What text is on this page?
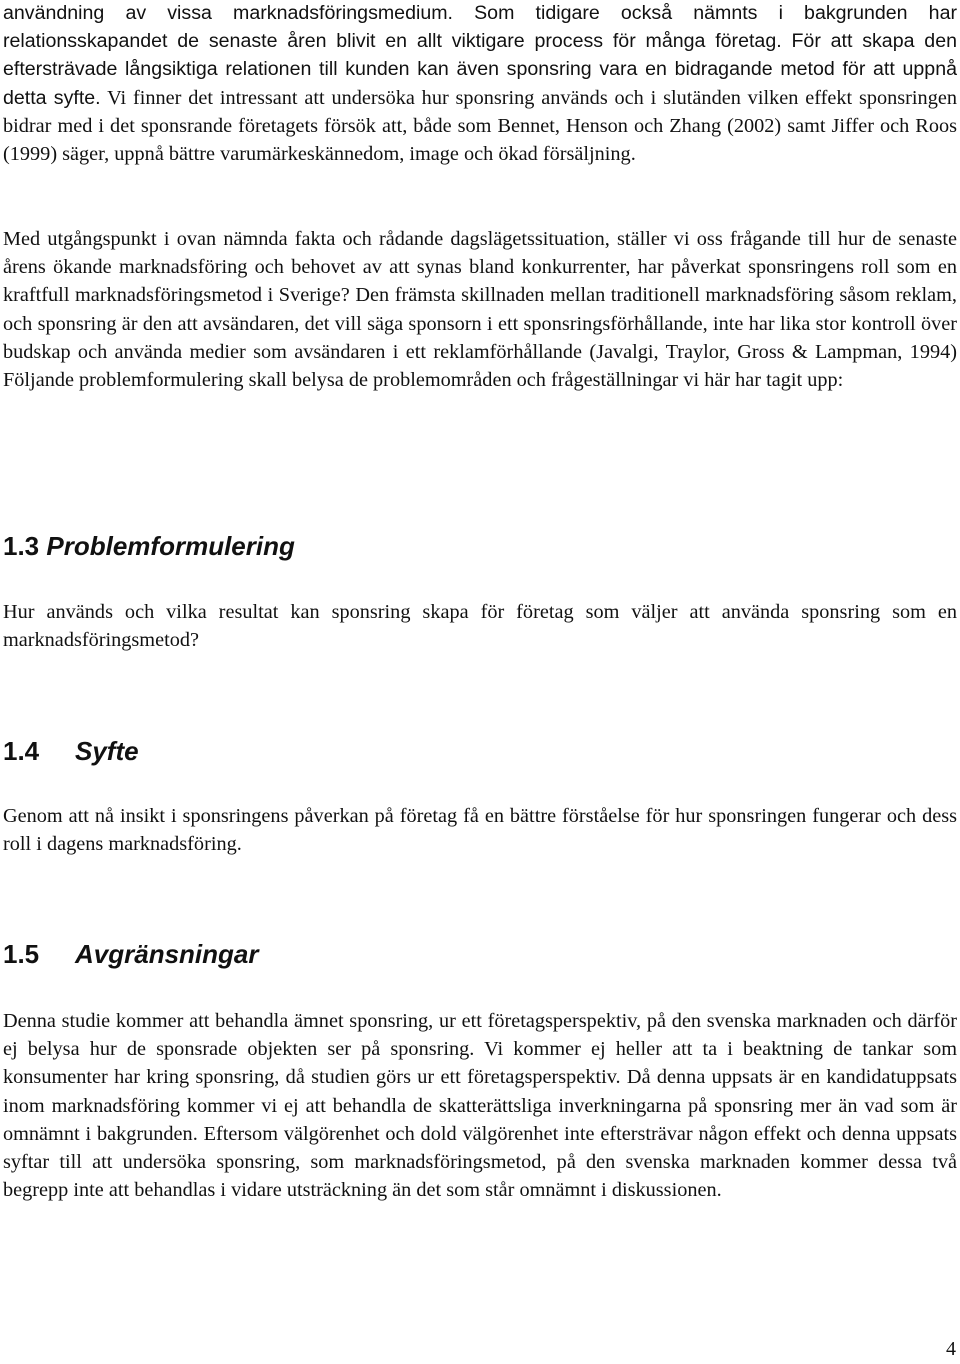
användning av vissa marknadsföringsmedium. Som tidigare också nämnts i bakgrunden har relationsskapandet de senaste åren blivit en allt viktigare process för många företag. För att skapa den eftersträvade långsiktiga relationen till kunden kan även sponsring vara en bidragande metod för att uppnå detta syfte. Vi finner det intressant att undersöka hur sponsring används och i slutänden vilken effekt sponsringen bidrar med i det sponsrande företagets försök att, både som Bennet, Henson och Zhang (2002) samt Jiffer och Roos (1999) säger, uppnå bättre varumärkeskännedom, image och ökad försäljning.

Med utgångspunkt i ovan nämnda fakta och rådande dagslägetssituation, ställer vi oss frågande till hur de senaste årens ökande marknadsföring och behovet av att synas bland konkurrenter, har påverkat sponsringens roll som en kraftfull marknadsföringsmetod i Sverige? Den främsta skillnaden mellan traditionell marknadsföring såsom reklam, och sponsring är den att avsändaren, det vill säga sponsorn i ett sponsringsförhållande, inte har lika stor kontroll över budskap och använda medier som avsändaren i ett reklamförhållande (Javalgi, Traylor, Gross & Lampman, 1994) Följande problemformulering skall belysa de problemområden och frågeställningar vi här har tagit upp:

1.3 Problemformulering

Hur används och vilka resultat kan sponsring skapa för företag som väljer att använda sponsring som en marknadsföringsmetod?

1.4 Syfte

Genom att nå insikt i sponsringens påverkan på företag få en bättre förståelse för hur sponsringen fungerar och dess roll i dagens marknadsföring.

1.5 Avgränsningar

Denna studie kommer att behandla ämnet sponsring, ur ett företagsperspektiv, på den svenska marknaden och därför ej belysa hur de sponsrade objekten ser på sponsring. Vi kommer ej heller att ta i beaktning de tankar som konsumenter har kring sponsring, då studien görs ur ett företagsperspektiv. Då denna uppsats är en kandidatuppsats inom marknadsföring kommer vi ej att behandla de skatterättsliga inverkningarna på sponsring mer än vad som är omnämnt i bakgrunden. Eftersom välgörenhet och dold välgörenhet inte eftersträvar någon effekt och denna uppsats syftar till att undersöka sponsring, som marknadsföringsmetod, på den svenska marknaden kommer dessa två begrepp inte att behandlas i vidare utsträckning än det som står omnämnt i diskussionen.

4
